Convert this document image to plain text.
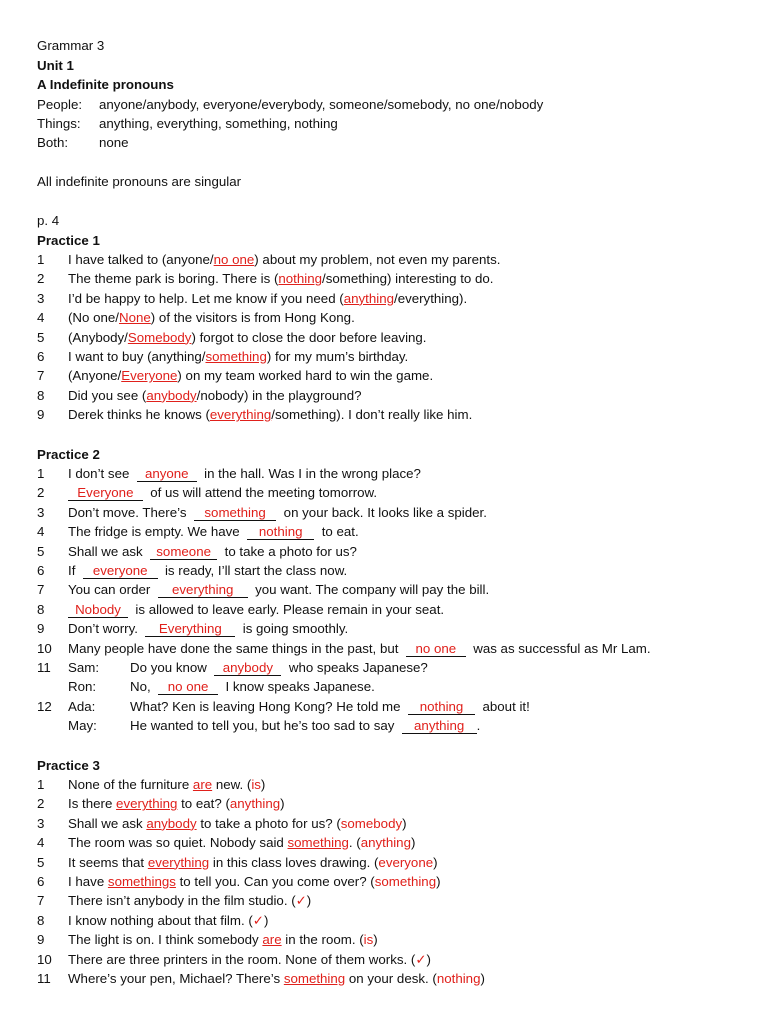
Grammar 3
Unit 1
A Indefinite pronouns
People: anyone/anybody, everyone/everybody, someone/somebody, no one/nobody
Things: anything, everything, something, nothing
Both: none
All indefinite pronouns are singular
p. 4
Practice 1
1 I have talked to (anyone/no one) about my problem, not even my parents.
2 The theme park is boring. There is (nothing/something) interesting to do.
3 I’d be happy to help. Let me know if you need (anything/everything).
4 (No one/None) of the visitors is from Hong Kong.
5 (Anybody/Somebody) forgot to close the door before leaving.
6 I want to buy (anything/something) for my mum’s birthday.
7 (Anyone/Everyone) on my team worked hard to win the game.
8 Did you see (anybody/nobody) in the playground?
9 Derek thinks he knows (everything/something). I don’t really like him.
Practice 2
1 I don’t see anyone in the hall. Was I in the wrong place?
2	Everyone of us will attend the meeting tomorrow.
3 Don’t move. There’s something on your back. It looks like a spider.
4 The fridge is empty. We have nothing to eat.
5 Shall we ask someone to take a photo for us?
6 If everyone is ready, I’ll start the class now.
7 You can order everything you want. The company will pay the bill.
8	Nobody is allowed to leave early. Please remain in your seat.
9 Don’t worry. Everything is going smoothly.
10 Many people have done the same things in the past, but no one was as successful as Mr Lam.
Do you know anybody who speaks Japanese?
11 Sam:
No, no one I know speaks Japanese.
Ron:
What? Ken is leaving Hong Kong? He told me nothing about it!
12 Ada:
He wanted to tell you, but he’s too sad to say anything .
May:
Practice 3
1 None of the furniture are new. (is)
2 Is there everything to eat? (anything)
3 Shall we ask anybody to take a photo for us? (somebody)
4 The room was so quiet. Nobody said something. (anything)
5 It seems that everything in this class loves drawing. (everyone)
6 I have somethings to tell you. Can you come over? (something)
7 There isn’t anybody in the film studio. (✓)
8 I know nothing about that film. (✓)
9 The light is on. I think somebody are in the room. (is)
10 There are three printers in the room. None of them works. (✓)
11 Where’s your pen, Michael? There’s something on your desk. (nothing)
